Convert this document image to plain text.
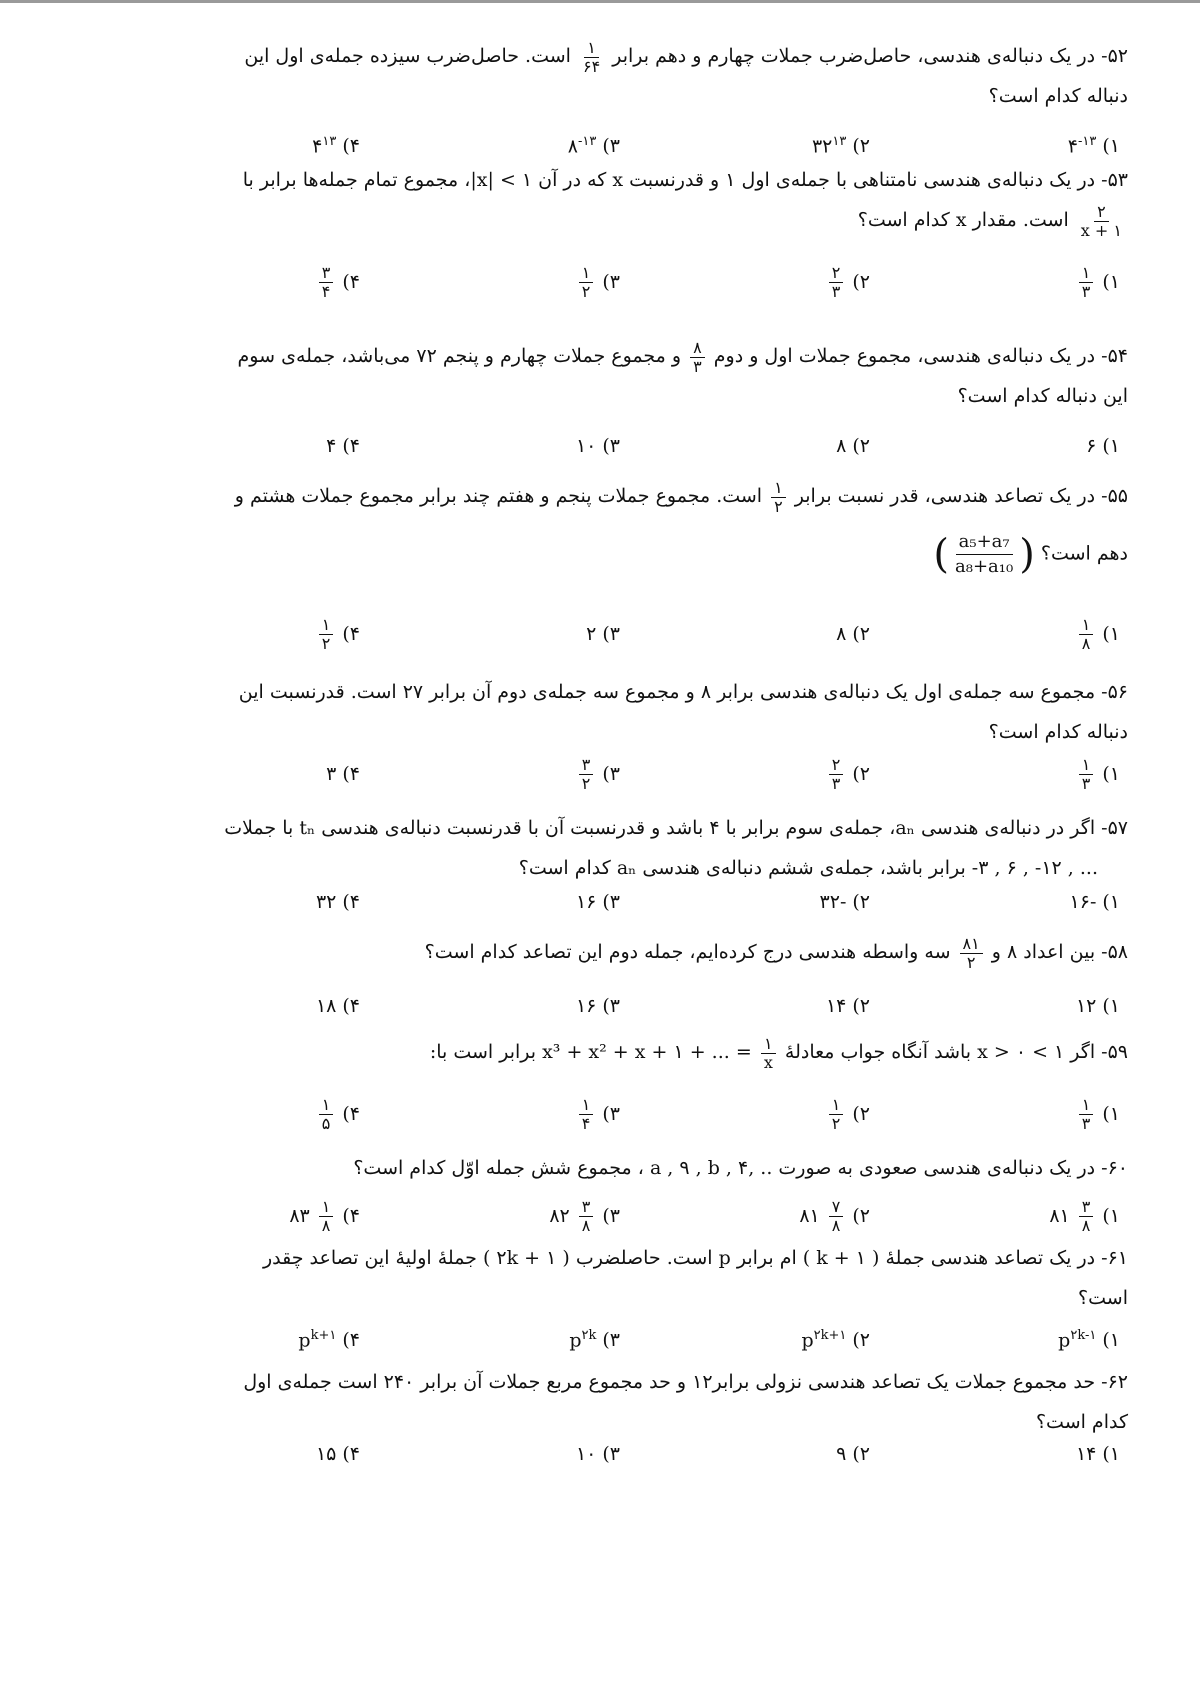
۵۲- در یک دنباله‌ی هندسی، حاصل‌ضرب جملات چهارم و دهم برابر
$\frac{۱}{۶۴}$
است. حاصل‌ضرب سیزده جمله‌ی اول این
دنباله کدام است؟
۱)
$۴^{-۱۳}$
۲)
$۳۲^{۱۳}$
۳)
$۸^{-۱۳}$
۴)
$۴^{۱۳}$
۵۳- در یک دنباله‌ی هندسی نامتناهی با جمله‌ی اول ۱ و قدرنسبت x که در آن ۱ > |x|، مجموع تمام جمله‌ها برابر با
$\frac{۲}{۱ + x}$
است. مقدار x کدام است؟
۱)
$\frac{۱}{۳}$
۲)
$\frac{۲}{۳}$
۳)
$\frac{۱}{۲}$
۴)
$\frac{۳}{۴}$
۵۴- در یک دنباله‌ی هندسی، مجموع جملات اول و دوم
$\frac{۸}{۳}$
و مجموع جملات چهارم و پنجم ۷۲ می‌باشد، جمله‌ی سوم
این دنباله کدام است؟
۱)
۶
۲)
۸
۳)
۱۰
۴)
۴
۵۵- در یک تصاعد هندسی، قدر نسبت برابر
$\frac{۱}{۲}$
است. مجموع جملات پنجم و هفتم چند برابر مجموع جملات هشتم و
دهم است؟ (
$\frac{\text{a₅+a₇}}{\text{a₈+a₁₀}}$
)
۱)
$\frac{۱}{۸}$
۲)
۸
۳)
۲
۴)
$\frac{۱}{۲}$
۵۶- مجموع سه جمله‌ی اول یک دنباله‌ی هندسی برابر ۸ و مجموع سه جمله‌ی دوم آن برابر ۲۷ است. قدرنسبت این
دنباله کدام است؟
۱)
$\frac{۱}{۳}$
۲)
$\frac{۲}{۳}$
۳)
$\frac{۳}{۲}$
۴)
۳
۵۷- اگر در دنباله‌ی هندسی aₙ، جمله‌ی سوم برابر با ۴ باشد و قدرنسبت آن با قدرنسبت دنباله‌ی هندسی tₙ با جملات
... , ۱۲- , ۶ , ۳- برابر باشد، جمله‌ی ششم دنباله‌ی هندسی aₙ کدام است؟
۱)
-۱۶
۲)
-۳۲
۳)
۱۶
۴)
۳۲
۵۸- بین اعداد ۸ و
$\frac{۸۱}{۲}$
سه واسطه هندسی درج کرده‌ایم، جمله دوم این تصاعد کدام است؟
۱)
۱۲
۲)
۱۴
۳)
۱۶
۴)
۱۸
۵۹- اگر ۱ > x > ۰ باشد آنگاه جواب معادلهٔ
$\frac{۱}{x}$
= ... + x³ + x² + x + ۱ برابر است با:
۱)
$\frac{۱}{۳}$
۲)
$\frac{۱}{۲}$
۳)
$\frac{۱}{۴}$
۴)
$\frac{۱}{۵}$
۶۰- در یک دنباله‌ی هندسی صعودی به صورت .. ,۴ , a , ۹ , b ، مجموع شش جمله اوّل کدام است؟
۱)
$\frac{۳}{۸}$
۸۱
۲)
$\frac{۷}{۸}$
۸۱
۳)
$\frac{۳}{۸}$
۸۲
۴)
$\frac{۱}{۸}$
۸۳
۶۱- در یک تصاعد هندسی جملهٔ ( ۱ + k ) ام برابر p است. حاصلضرب ( ۱ + ۲k ) جملهٔ اولیهٔ این تصاعد چقدر
است؟
۱)
$p^{۲k-۱}$
۲)
$p^{۲k+۱}$
۳)
$p^{۲k}$
۴)
$p^{k+۱}$
۶۲- حد مجموع جملات یک تصاعد هندسی نزولی برابر۱۲ و حد مجموع مربع جملات آن برابر ۲۴۰ است جمله‌ی اول
کدام است؟
۱)
۱۴
۲)
۹
۳)
۱۰
۴)
۱۵
